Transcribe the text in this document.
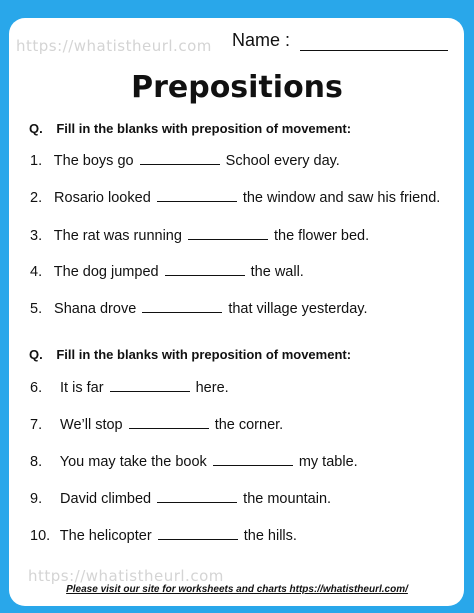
https://whatistheurl.com
https://whatistheurl.com
Name :
Prepositions
Q. Fill in the blanks with preposition of movement:
1. The boys go	School every day.
2. Rosario looked	the window and saw his friend.
3. The rat was running	the flower bed.
4. The dog jumped	the wall.
5. Shana drove	that village yesterday.
Q. Fill in the blanks with preposition of movement:
6. It is far	here.
7. We’ll stop	the corner.
8. You may take the book	my table.
9. David climbed	the mountain.
10. The helicopter	the hills.
Please visit our site for worksheets and charts https://whatistheurl.com/
